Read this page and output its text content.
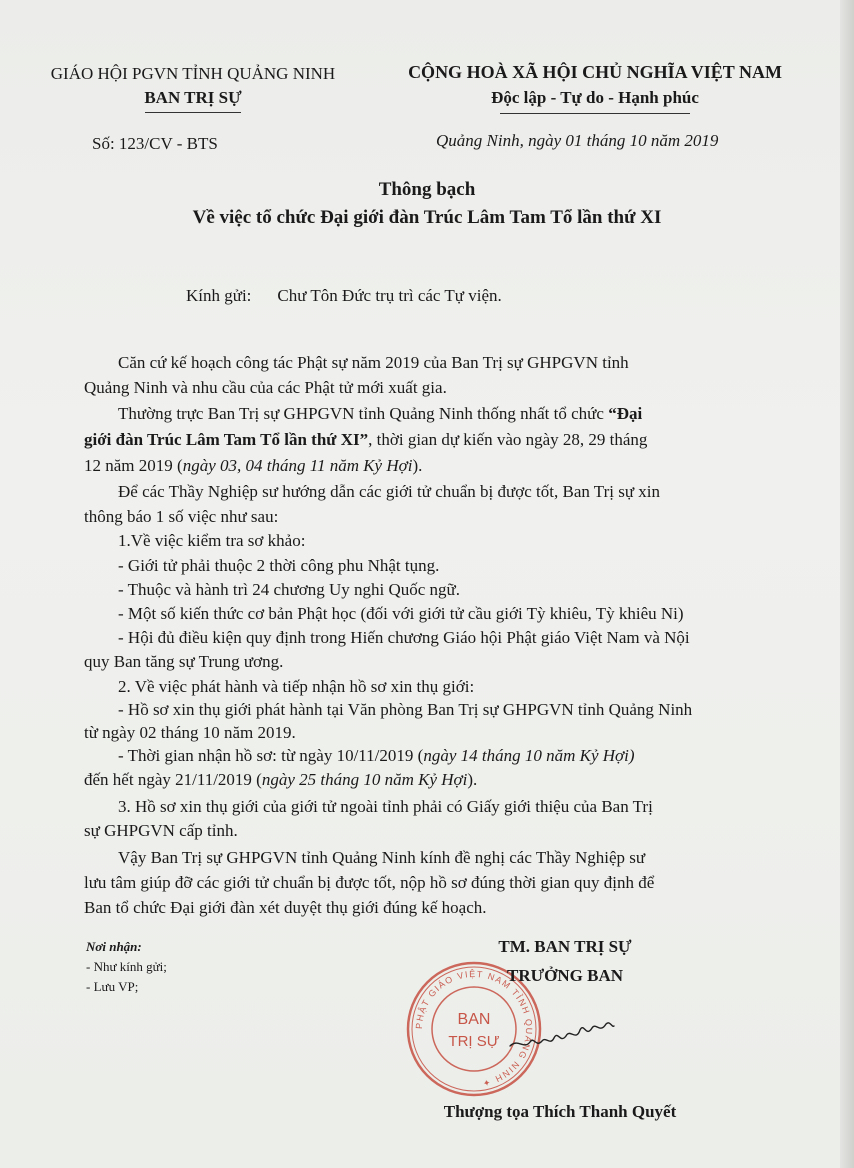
GIÁO HỘI PGVN TỈNH QUẢNG NINH
BAN TRỊ SỰ
CỘNG HOÀ XÃ HỘI CHỦ NGHĨA VIỆT NAM
Độc lập - Tự do - Hạnh phúc
Số: 123/CV - BTS	Quảng Ninh, ngày 01 tháng 10 năm 2019
Thông bạch
Về việc tổ chức Đại giới đàn Trúc Lâm Tam Tổ lần thứ XI
Kính gửi: Chư Tôn Đức trụ trì các Tự viện.
Căn cứ kế hoạch công tác Phật sự năm 2019 của Ban Trị sự GHPGVN tỉnh
Quảng Ninh và nhu cầu của các Phật tử mới xuất gia.
Thường trực Ban Trị sự GHPGVN tỉnh Quảng Ninh thống nhất tổ chức “Đại
giới đàn Trúc Lâm Tam Tổ lần thứ XI”, thời gian dự kiến vào ngày 28, 29 tháng
12 năm 2019 (ngày 03, 04 tháng 11 năm Kỷ Hợi).
Để các Thầy Nghiệp sư hướng dẫn các giới tử chuẩn bị được tốt, Ban Trị sự xin
thông báo 1 số việc như sau:
1.Về việc kiểm tra sơ khảo:
- Giới tử phải thuộc 2 thời công phu Nhật tụng.
- Thuộc và hành trì 24 chương Uy nghi Quốc ngữ.
- Một số kiến thức cơ bản Phật học (đối với giới tử cầu giới Tỳ khiêu, Tỳ khiêu Ni)
- Hội đủ điều kiện quy định trong Hiến chương Giáo hội Phật giáo Việt Nam và Nội
quy Ban tăng sự Trung ương.
2. Về việc phát hành và tiếp nhận hồ sơ xin thụ giới:
- Hồ sơ xin thụ giới phát hành tại Văn phòng Ban Trị sự GHPGVN tỉnh Quảng Ninh
từ ngày 02 tháng 10 năm 2019.
- Thời gian nhận hồ sơ: từ ngày 10/11/2019 (ngày 14 tháng 10 năm Kỷ Hợi)
đến hết ngày 21/11/2019 (ngày 25 tháng 10 năm Kỷ Hợi).
3. Hồ sơ xin thụ giới của giới tử ngoài tỉnh phải có Giấy giới thiệu của Ban Trị
sự GHPGVN cấp tỉnh.
Vậy Ban Trị sự GHPGVN tỉnh Quảng Ninh kính đề nghị các Thầy Nghiệp sư
lưu tâm giúp đỡ các giới tử chuẩn bị được tốt, nộp hồ sơ đúng thời gian quy định để
Ban tổ chức Đại giới đàn xét duyệt thụ giới đúng kế hoạch.
Nơi nhận:
- Như kính gửi;
- Lưu VP;
PHẬT GIÁO VIỆT NAM TỈNH QUẢNG NINH ✦
BAN
TRỊ SỰ
TM. BAN TRỊ SỰ
TRƯỞNG BAN
Thượng tọa Thích Thanh Quyết
